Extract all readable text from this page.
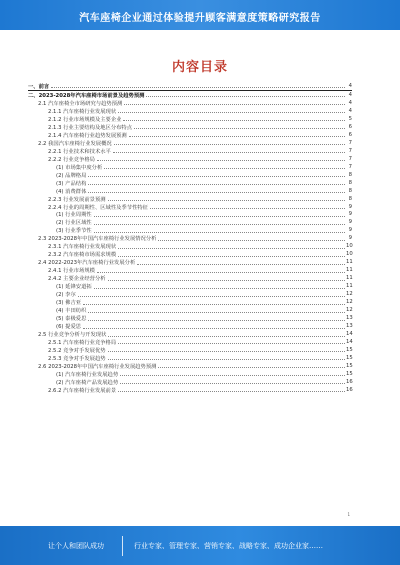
汽车座椅企业通过体验提升顾客满意度策略研究报告
内容目录
一、前言	4
二、2023-2028年汽车座椅市场前景及趋势预测	4
2.1 汽车座椅全市场研究与趋势预测	4
2.1.1 汽车座椅行业发展现状	4
2.1.2 行业市场规模及主要企业	5
2.1.3 行业主要结构及地区分布特点	6
2.1.4 汽车座椅行业趋势发展预测	6
2.2 我国汽车座椅行业发展概况	7
2.2.1 行业技术和技术水平	7
2.2.2 行业竞争格局	7
(1) 市场集中度分析	7
(2) 品牌格局	8
(3) 产品结构	8
(4) 消费群体	8
2.2.3 行业发展前景预测	8
2.2.4 行业的周期性、区域性及季节性特征	9
(1) 行业周期性	9
(2) 行业区域性	9
(3) 行业季节性	9
2.3 2023-2028年中国汽车座椅行业发展情况分析	9
2.3.1 汽车座椅行业发展现状	10
2.3.2 汽车座椅市场需求规模	10
2.4 2022-2023年汽车座椅行业发展分析	11
2.4.1 行业市场规模	11
2.4.2 主要企业经营分析	11
(1) 延锋安道拓	11
(2) 李尔	12
(3) 佛吉亚	12
(4) 丰田纺织	12
(5) 泰极爱思	13
(6) 提爱思	13
2.5 行业竞争分析与开发现状	14
2.5.1 汽车座椅行业竞争格局	14
2.5.2 竞争对手发展优势	15
2.5.3 竞争对手发展趋势	15
2.6 2023-2028年中国汽车座椅行业发展趋势预测	15
(1) 汽车座椅行业发展趋势	15
(2) 汽车座椅产品发展趋势	16
2.6.2 汽车座椅行业发展前景	16
1
让个人和团队成功	行业专家、管理专家、营销专家、战略专家、成功企业家……
